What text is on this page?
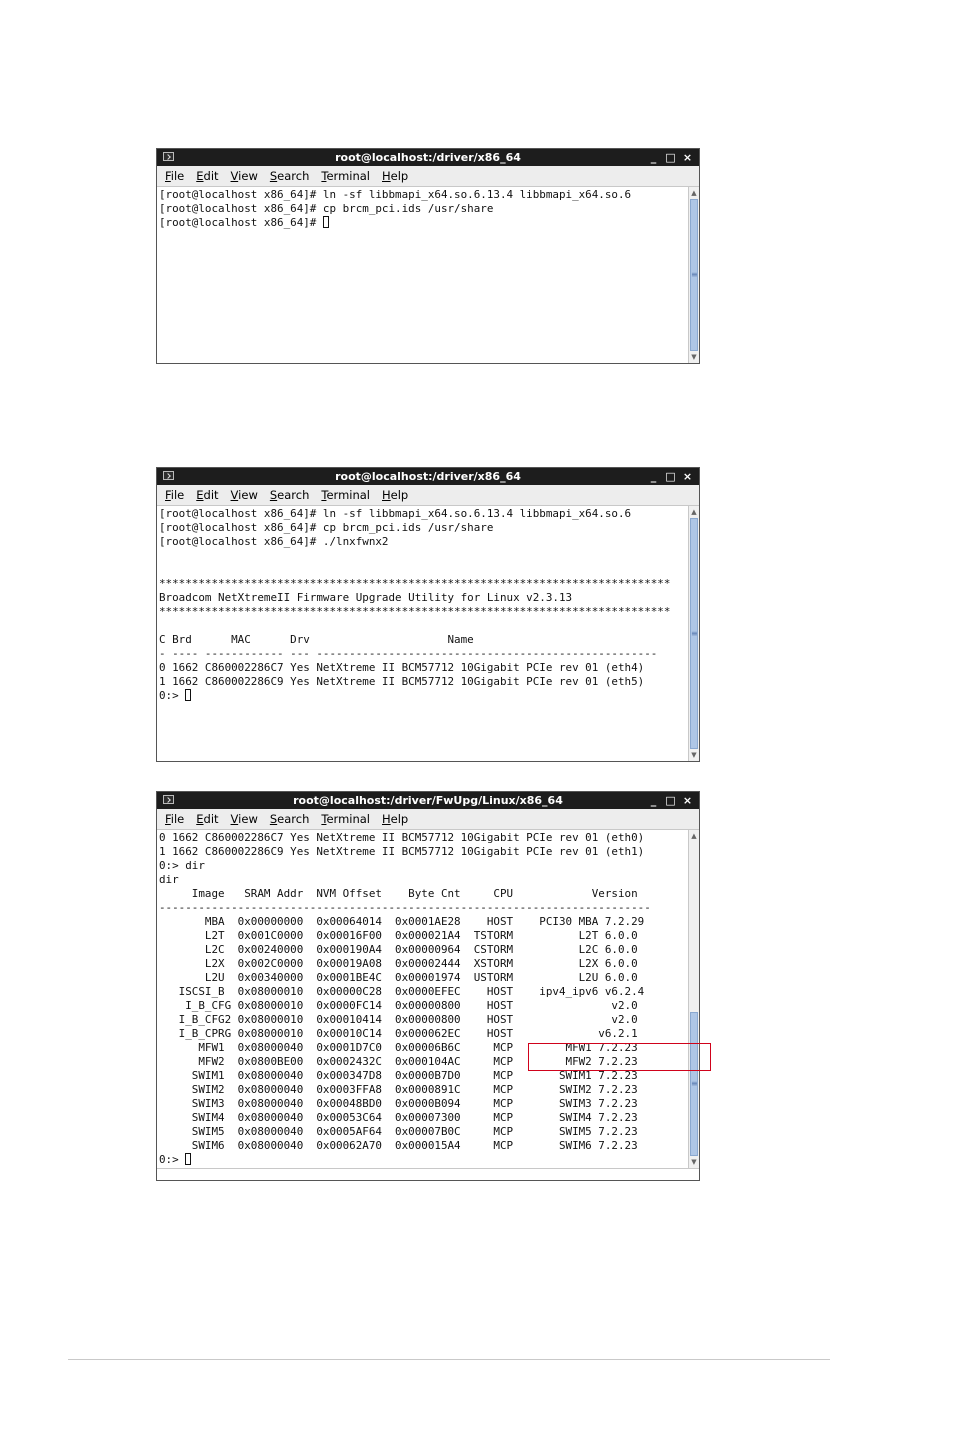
root@localhost:/driver/x86_64	_ □ ×
File Edit View Search Terminal Help
[root@localhost x86_64]# ln -sf libbmapi_x64.so.6.13.4 libbmapi_x64.so.6
[root@localhost x86_64]# cp brcm_pci.ids /usr/share
[root@localhost x86_64]#
▲
≡
▼
root@localhost:/driver/x86_64	_ □ ×
File Edit View Search Terminal Help
[root@localhost x86_64]# ln -sf libbmapi_x64.so.6.13.4 libbmapi_x64.so.6
[root@localhost x86_64]# cp brcm_pci.ids /usr/share
[root@localhost x86_64]# ./lnxfwnx2
******************************************************************************
Broadcom NetXtremeII Firmware Upgrade Utility for Linux v2.3.13
******************************************************************************
C Brd      MAC      Drv                     Name
- ---- ------------ --- ----------------------------------------------------
0 1662 C860002286C7 Yes NetXtreme II BCM57712 10Gigabit PCIe rev 01 (eth4)
1 1662 C860002286C9 Yes NetXtreme II BCM57712 10Gigabit PCIe rev 01 (eth5)
0:>
▲
≡
▼
root@localhost:/driver/FwUpg/Linux/x86_64	_ □ ×
File Edit View Search Terminal Help
0 1662 C860002286C7 Yes NetXtreme II BCM57712 10Gigabit PCIe rev 01 (eth0)
1 1662 C860002286C9 Yes NetXtreme II BCM57712 10Gigabit PCIe rev 01 (eth1)
0:> dir
dir
Image   SRAM Addr  NVM Offset    Byte Cnt     CPU            Version
---------------------------------------------------------------------------
MBA  0x00000000  0x00064014  0x0001AE28    HOST    PCI30 MBA 7.2.29
L2T  0x001C0000  0x00016F00  0x000021A4  TSTORM          L2T 6.0.0
L2C  0x00240000  0x000190A4  0x00000964  CSTORM          L2C 6.0.0
L2X  0x002C0000  0x00019A08  0x00002444  XSTORM          L2X 6.0.0
L2U  0x00340000  0x0001BE4C  0x00001974  USTORM          L2U 6.0.0
ISCSI_B  0x08000010  0x00000C28  0x0000EFEC    HOST    ipv4_ipv6 v6.2.4
I_B_CFG 0x08000010  0x0000FC14  0x00000800    HOST               v2.0
I_B_CFG2 0x08000010  0x00010414  0x00000800    HOST               v2.0
I_B_CPRG 0x08000010  0x00010C14  0x000062EC    HOST             v6.2.1
MFW1  0x08000040  0x0001D7C0  0x00006B6C     MCP        MFW1 7.2.23
MFW2  0x0800BE00  0x0002432C  0x000104AC     MCP        MFW2 7.2.23
SWIM1  0x08000040  0x000347D8  0x0000B7D0     MCP       SWIM1 7.2.23
SWIM2  0x08000040  0x0003FFA8  0x0000891C     MCP       SWIM2 7.2.23
SWIM3  0x08000040  0x00048BD0  0x0000B094     MCP       SWIM3 7.2.23
SWIM4  0x08000040  0x00053C64  0x00007300     MCP       SWIM4 7.2.23
SWIM5  0x08000040  0x0005AF64  0x00007B0C     MCP       SWIM5 7.2.23
SWIM6  0x08000040  0x00062A70  0x000015A4     MCP       SWIM6 7.2.23
0:>
▲
≡
▼
